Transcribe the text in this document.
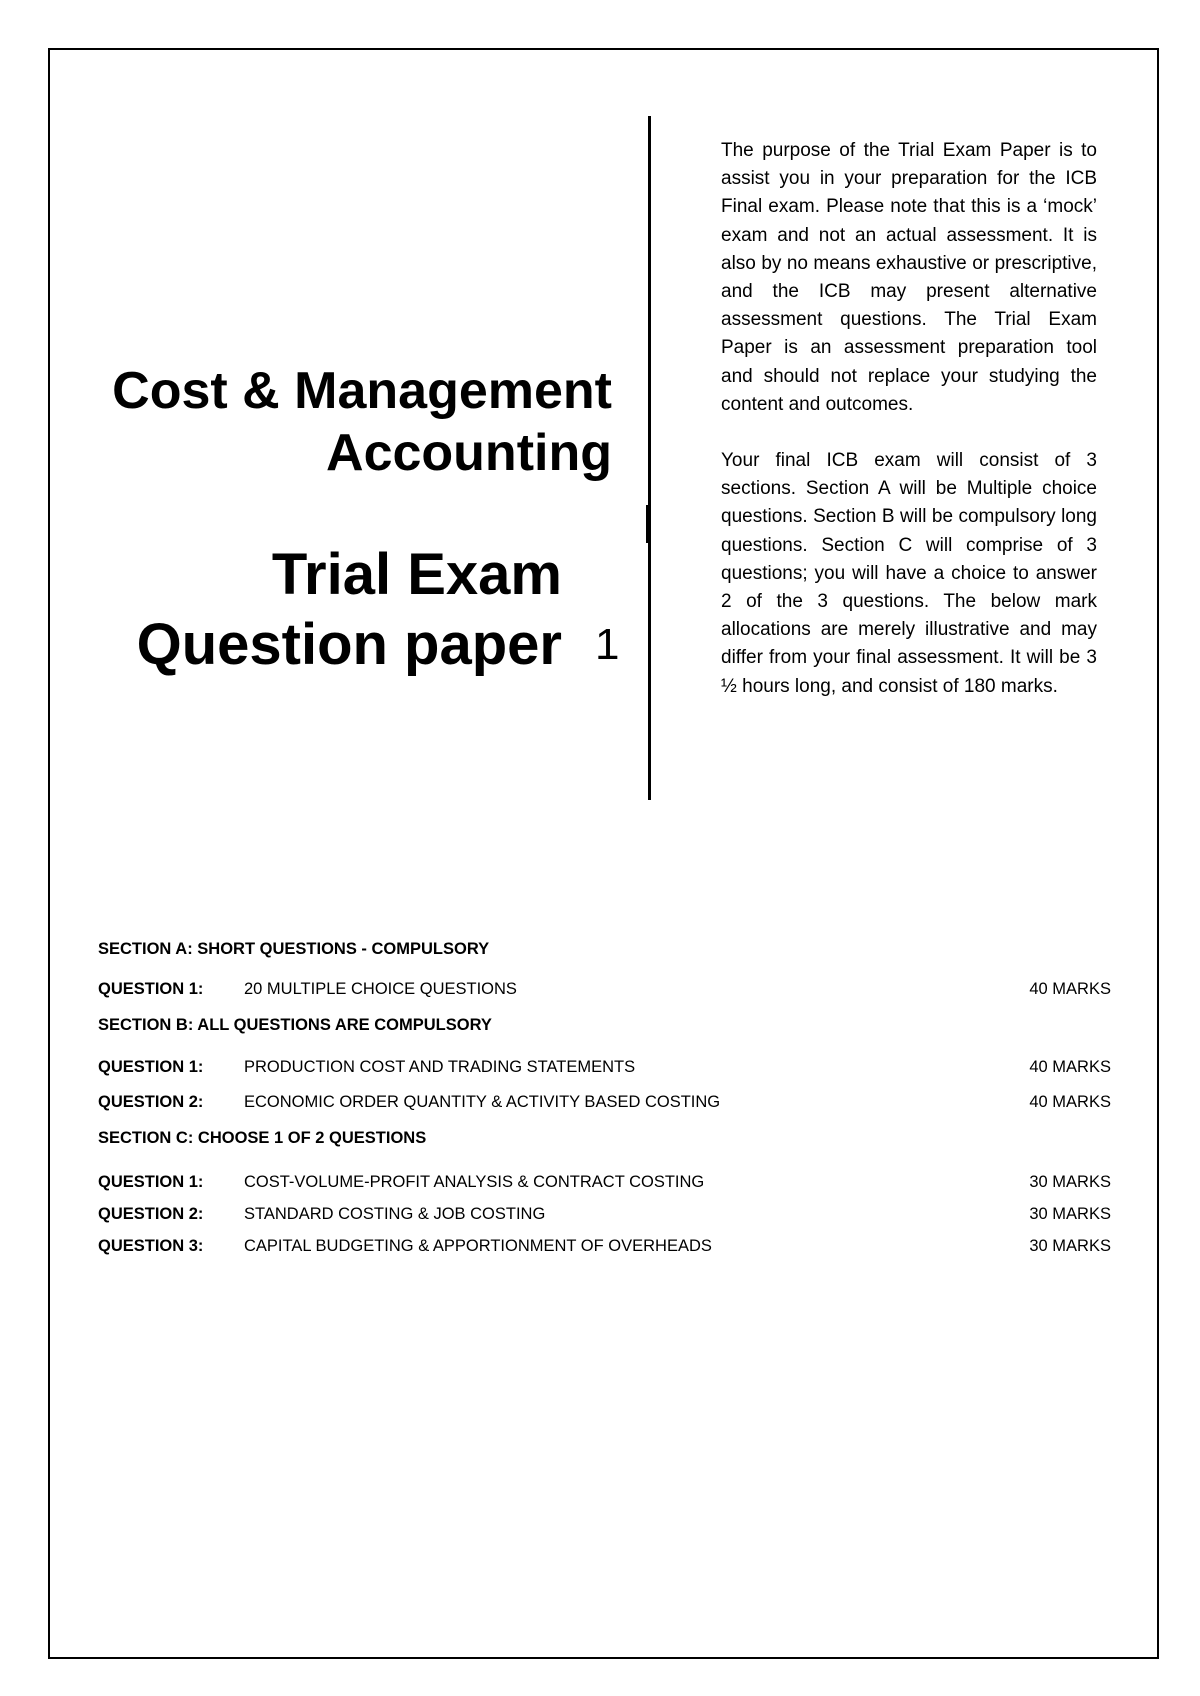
Cost & Management
Accounting
Trial Exam
Question paper 1

The purpose of the Trial Exam Paper is to assist you in your preparation for the ICB Final exam. Please note that this is a ‘mock’ exam and not an actual assessment. It is also by no means exhaustive or prescriptive, and the ICB may present alternative assessment questions. The Trial Exam Paper is an assessment preparation tool and should not replace your studying the content and outcomes.

Your final ICB exam will consist of 3 sections. Section A will be Multiple choice questions. Section B will be compulsory long questions. Section C will comprise of 3 questions; you will have a choice to answer 2 of the 3 questions. The below mark allocations are merely illustrative and may differ from your final assessment. It will be 3 ½ hours long, and consist of 180 marks.

SECTION A: SHORT QUESTIONS - COMPULSORY
QUESTION 1:	20 MULTIPLE CHOICE QUESTIONS	40 MARKS
SECTION B: ALL QUESTIONS ARE COMPULSORY
QUESTION 1:	PRODUCTION COST AND TRADING STATEMENTS	40 MARKS
QUESTION 2:	ECONOMIC ORDER QUANTITY & ACTIVITY BASED COSTING	40 MARKS
SECTION C: CHOOSE 1 OF 2 QUESTIONS
QUESTION 1:	COST-VOLUME-PROFIT ANALYSIS & CONTRACT COSTING	30 MARKS
QUESTION 2:	STANDARD COSTING & JOB COSTING	30 MARKS
QUESTION 3:	CAPITAL BUDGETING & APPORTIONMENT OF OVERHEADS	30 MARKS
